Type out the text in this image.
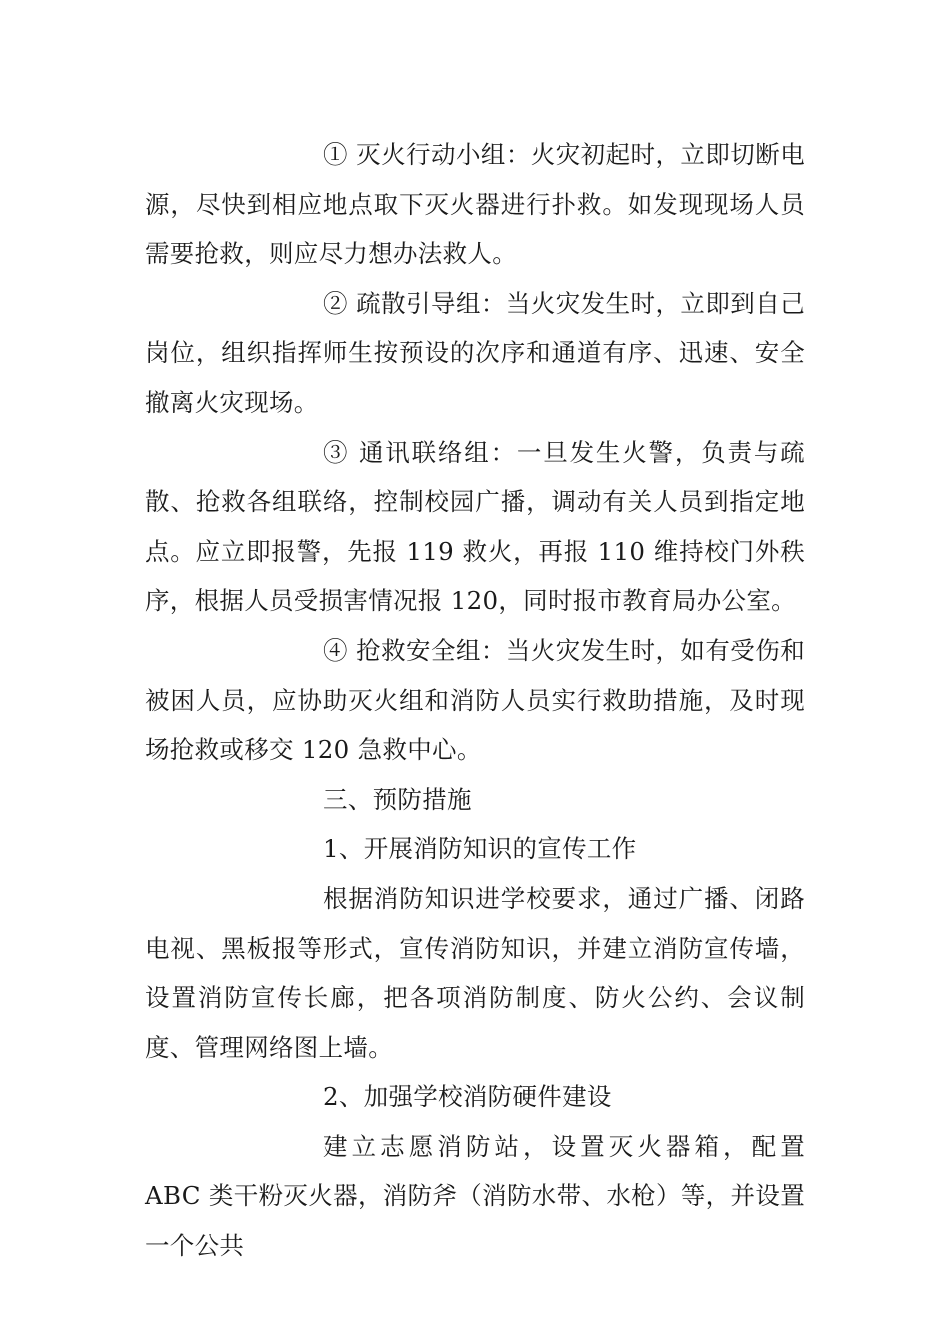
① 灭火行动小组：火灾初起时，立即切断电源，尽快到相应地点取下灭火器进行扑救。如发现现场人员需要抢救，则应尽力想办法救人。

② 疏散引导组：当火灾发生时，立即到自己岗位，组织指挥师生按预设的次序和通道有序、迅速、安全撤离火灾现场。

③ 通讯联络组：一旦发生火警，负责与疏散、抢救各组联络，控制校园广播，调动有关人员到指定地点。应立即报警，先报 119 救火，再报 110 维持校门外秩序，根据人员受损害情况报 120，同时报市教育局办公室。

④ 抢救安全组：当火灾发生时，如有受伤和被困人员，应协助灭火组和消防人员实行救助措施，及时现场抢救或移交 120 急救中心。

三、预防措施

1、开展消防知识的宣传工作

根据消防知识进学校要求，通过广播、闭路电视、黑板报等形式，宣传消防知识，并建立消防宣传墙，设置消防宣传长廊，把各项消防制度、防火公约、会议制度、管理网络图上墙。

2、加强学校消防硬件建设

建立志愿消防站，设置灭火器箱，配置 ABC 类干粉灭火器，消防斧（消防水带、水枪）等，并设置一个公共
